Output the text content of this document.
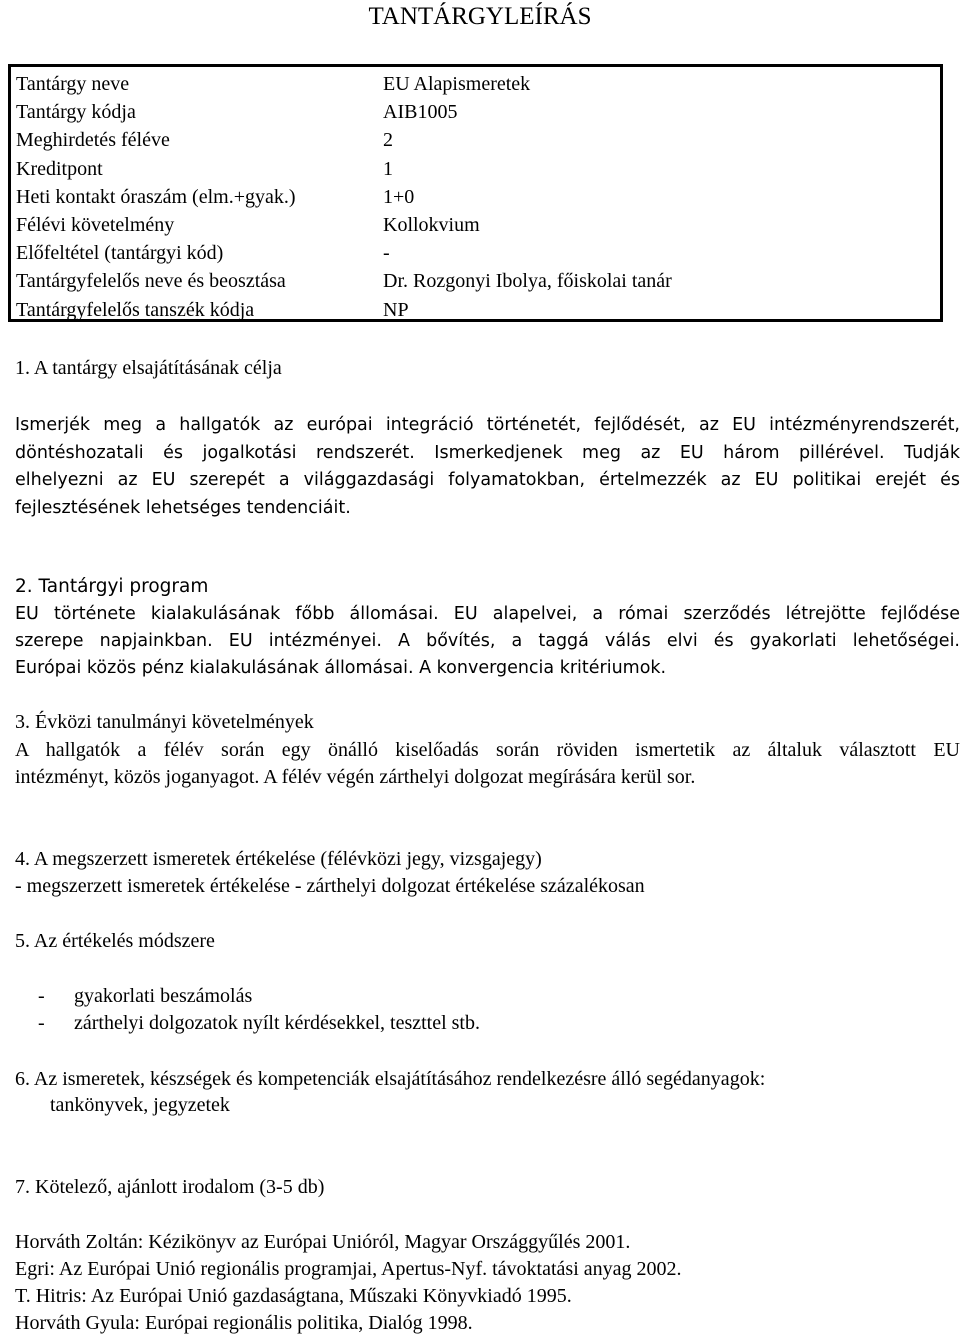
TANTÁRGYLEÍRÁS
Tantárgy neve	EU Alapismeretek
Tantárgy kódja	AIB1005
Meghirdetés féléve	2
Kreditpont	1
Heti kontakt óraszám (elm.+gyak.)	1+0
Félévi követelmény	Kollokvium
Előfeltétel (tantárgyi kód)	-
Tantárgyfelelős neve és beosztása	Dr. Rozgonyi Ibolya, főiskolai tanár
Tantárgyfelelős tanszék kódja	NP
1. A tantárgy elsajátításának célja
Ismerjék meg a hallgatók az európai integráció történetét, fejlődését, az EU intézményrendszerét,
döntéshozatali és jogalkotási rendszerét. Ismerkedjenek meg az EU három pillérével. Tudják
elhelyezni az EU szerepét a világgazdasági folyamatokban, értelmezzék az EU politikai erejét és
fejlesztésének lehetséges tendenciáit.
2. Tantárgyi program
EU története kialakulásának főbb állomásai. EU alapelvei, a római szerződés létrejötte fejlődése
szerepe napjainkban. EU intézményei. A bővítés, a taggá válás elvi és gyakorlati lehetőségei.
Európai közös pénz kialakulásának állomásai. A konvergencia kritériumok.
3. Évközi tanulmányi követelmények
A hallgatók a félév során egy önálló kiselőadás során röviden ismertetik az általuk választott EU
intézményt, közös joganyagot. A félév végén zárthelyi dolgozat megírására kerül sor.
4. A megszerzett ismeretek értékelése (félévközi jegy, vizsgajegy)
- megszerzett ismeretek értékelése - zárthelyi dolgozat értékelése százalékosan
5. Az értékelés módszere
- gyakorlati beszámolás
- zárthelyi dolgozatok nyílt kérdésekkel, teszttel stb.
6. Az ismeretek, készségek és kompetenciák elsajátításához rendelkezésre álló segédanyagok:
tankönyvek, jegyzetek
7. Kötelező, ajánlott irodalom (3-5 db)
Horváth Zoltán: Kézikönyv az Európai Unióról, Magyar Országgyűlés 2001.
Egri: Az Európai Unió regionális programjai, Apertus-Nyf. távoktatási anyag 2002.
T. Hitris: Az Európai Unió gazdaságtana, Műszaki Könyvkiadó 1995.
Horváth Gyula: Európai regionális politika, Dialóg 1998.
